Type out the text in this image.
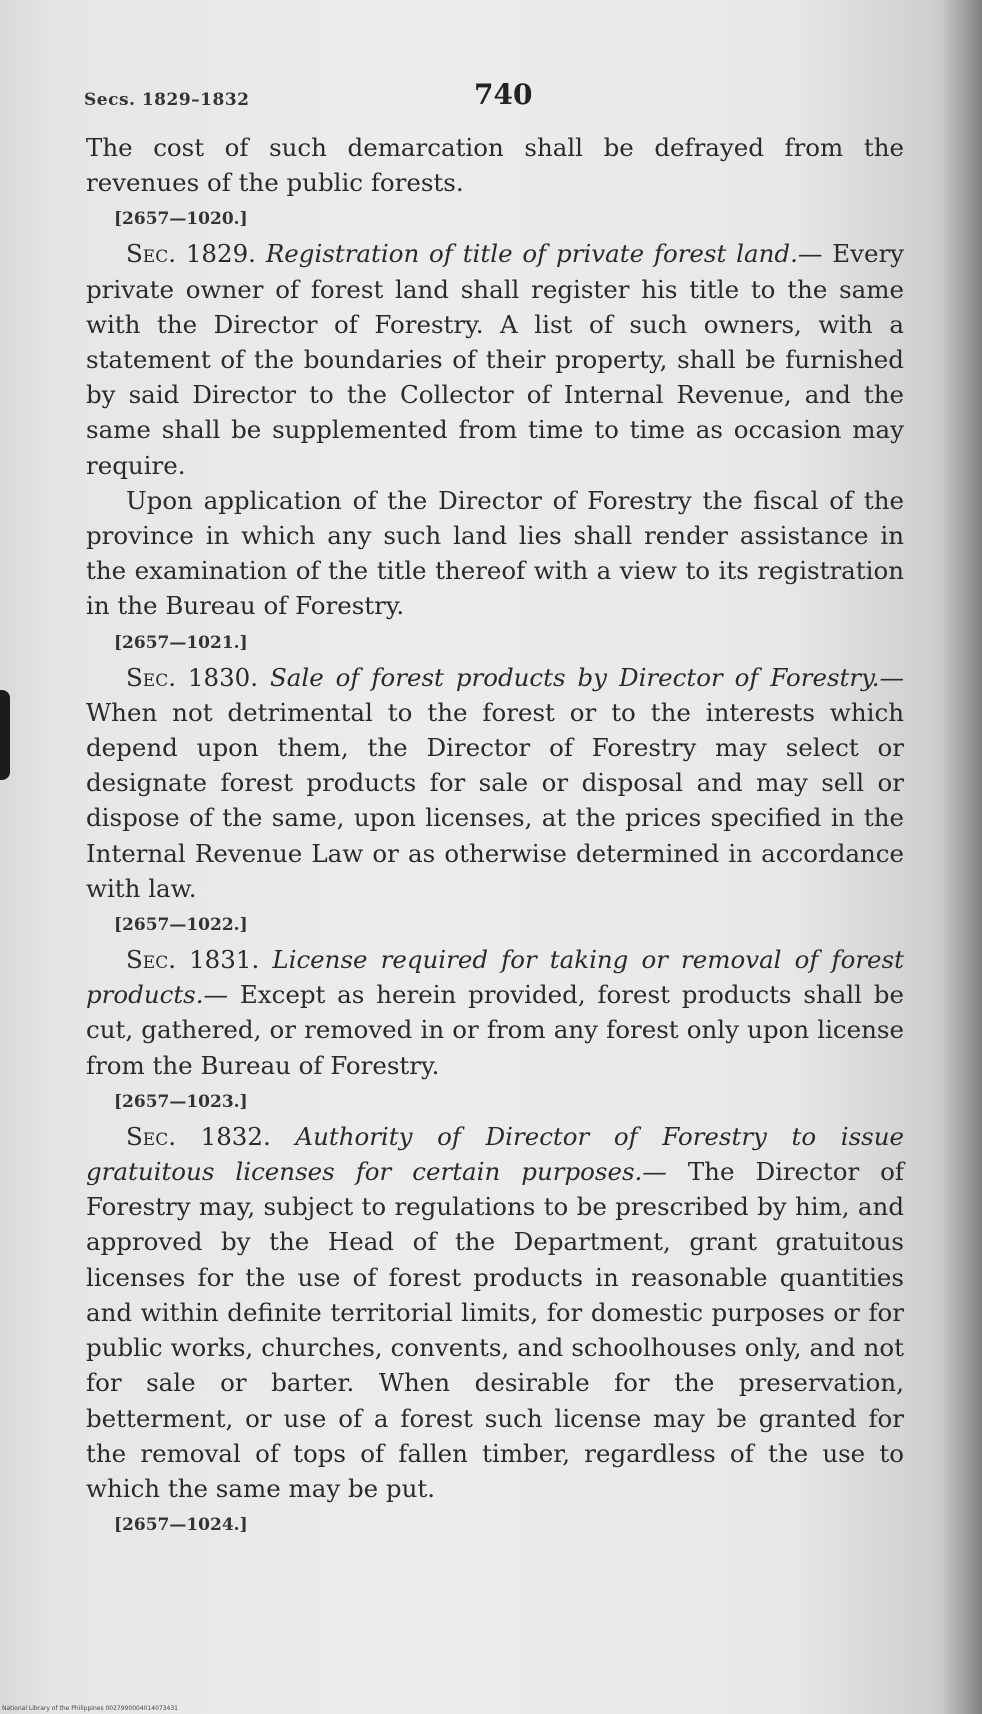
Secs. 1829–1832	740

The cost of such demarcation shall be defrayed from the revenues of the public forests.

[2657—1020.]

Sec. 1829. Registration of title of private forest land.— Every private owner of forest land shall register his title to the same with the Director of Forestry. A list of such owners, with a statement of the boundaries of their property, shall be furnished by said Director to the Collector of Internal Revenue, and the same shall be supplemented from time to time as occasion may require.

Upon application of the Director of Forestry the fiscal of the province in which any such land lies shall render assistance in the examination of the title thereof with a view to its registration in the Bureau of Forestry.

[2657—1021.]

Sec. 1830. Sale of forest products by Director of Forestry.— When not detrimental to the forest or to the interests which depend upon them, the Director of Forestry may select or designate forest products for sale or disposal and may sell or dispose of the same, upon licenses, at the prices specified in the Internal Revenue Law or as otherwise determined in accordance with law.

[2657—1022.]

Sec. 1831. License required for taking or removal of forest products.— Except as herein provided, forest products shall be cut, gathered, or removed in or from any forest only upon license from the Bureau of Forestry.

[2657—1023.]

Sec. 1832. Authority of Director of Forestry to issue gratuitous licenses for certain purposes.— The Director of Forestry may, subject to regulations to be prescribed by him, and approved by the Head of the Department, grant gratuitous licenses for the use of forest products in reasonable quantities and within definite territorial limits, for domestic purposes or for public works, churches, convents, and schoolhouses only, and not for sale or barter. When desirable for the preservation, betterment, or use of a forest such license may be granted for the removal of tops of fallen timber, regardless of the use to which the same may be put.

[2657—1024.]
National Library of the Philippines 0027990004014073431
